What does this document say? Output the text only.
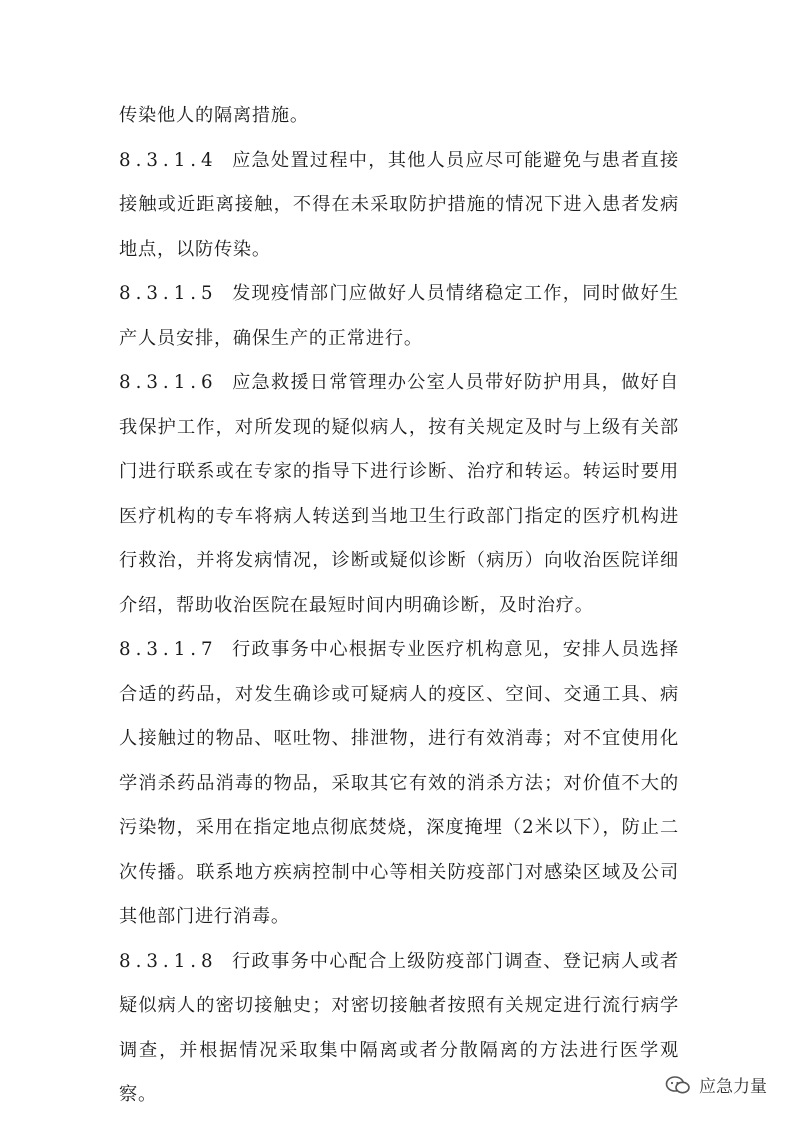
传染他人的隔离措施。

8.3.1.4 应急处置过程中，其他人员应尽可能避免与患者直接接触或近距离接触，不得在未采取防护措施的情况下进入患者发病地点，以防传染。

8.3.1.5 发现疫情部门应做好人员情绪稳定工作，同时做好生产人员安排，确保生产的正常进行。

8.3.1.6 应急救援日常管理办公室人员带好防护用具，做好自我保护工作，对所发现的疑似病人，按有关规定及时与上级有关部门进行联系或在专家的指导下进行诊断、治疗和转运。转运时要用医疗机构的专车将病人转送到当地卫生行政部门指定的医疗机构进行救治，并将发病情况，诊断或疑似诊断（病历）向收治医院详细介绍，帮助收治医院在最短时间内明确诊断，及时治疗。

8.3.1.7 行政事务中心根据专业医疗机构意见，安排人员选择合适的药品，对发生确诊或可疑病人的疫区、空间、交通工具、病人接触过的物品、呕吐物、排泄物，进行有效消毒；对不宜使用化学消杀药品消毒的物品，采取其它有效的消杀方法；对价值不大的污染物，采用在指定地点彻底焚烧，深度掩埋（2米以下），防止二次传播。联系地方疾病控制中心等相关防疫部门对感染区域及公司其他部门进行消毒。

8.3.1.8 行政事务中心配合上级防疫部门调查、登记病人或者疑似病人的密切接触史；对密切接触者按照有关规定进行流行病学调查，并根据情况采取集中隔离或者分散隔离的方法进行医学观察。	应急力量
